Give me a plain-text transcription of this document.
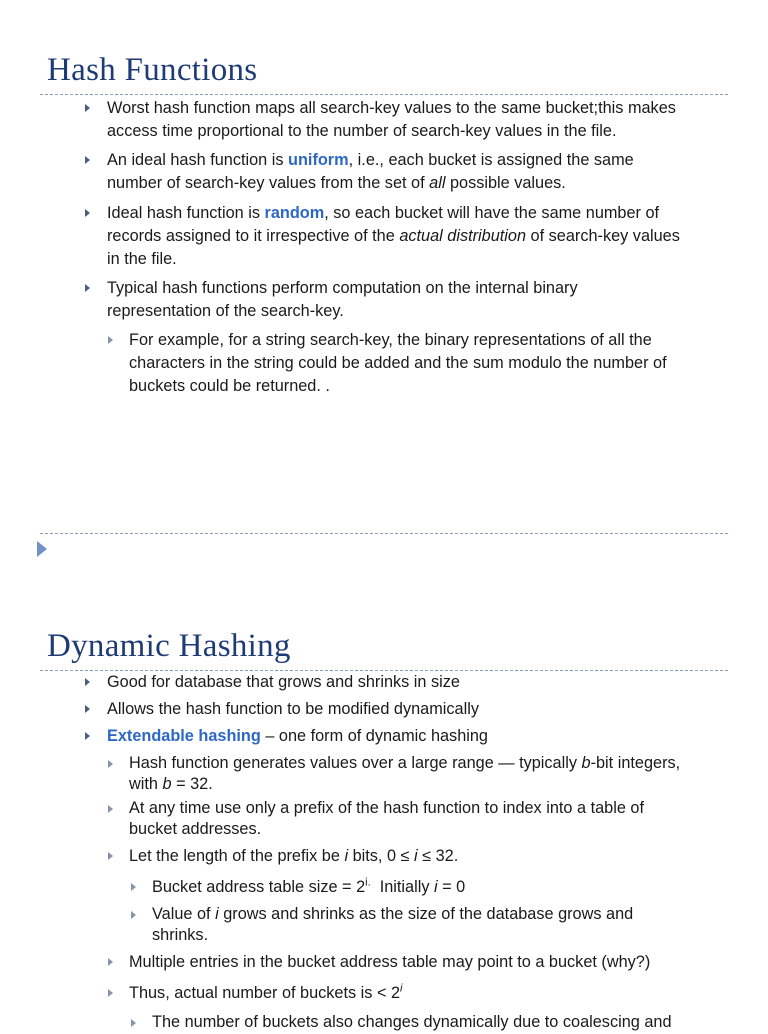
Hash Functions
Worst hash function maps all search-key values to the same bucket;this makes
access time proportional to the number of search-key values in the file.
An ideal hash function is uniform, i.e., each bucket is assigned the same
number of search-key values from the set of all possible values.
Ideal hash function is random, so each bucket will have the same number of
records assigned to it irrespective of the actual distribution of search-key values
in the file.
Typical hash functions perform computation on the internal binary
representation of the search-key.
For example, for a string search-key, the binary representations of all the
characters in the string could be added and the sum modulo the number of
buckets could be returned. .
Dynamic Hashing
Good for database that grows and shrinks in size
Allows the hash function to be modified dynamically
Extendable hashing – one form of dynamic hashing
Hash function generates values over a large range — typically b-bit integers,
with b = 32.
At any time use only a prefix of the hash function to index into a table of
bucket addresses.
Let the length of the prefix be i bits, 0 ≤ i ≤ 32.
Bucket address table size = $2^{i.}$  Initially i = 0
Value of i grows and shrinks as the size of the database grows and
shrinks.
Multiple entries in the bucket address table may point to a bucket (why?)
Thus, actual number of buckets is < $2^i$
The number of buckets also changes dynamically due to coalescing and
